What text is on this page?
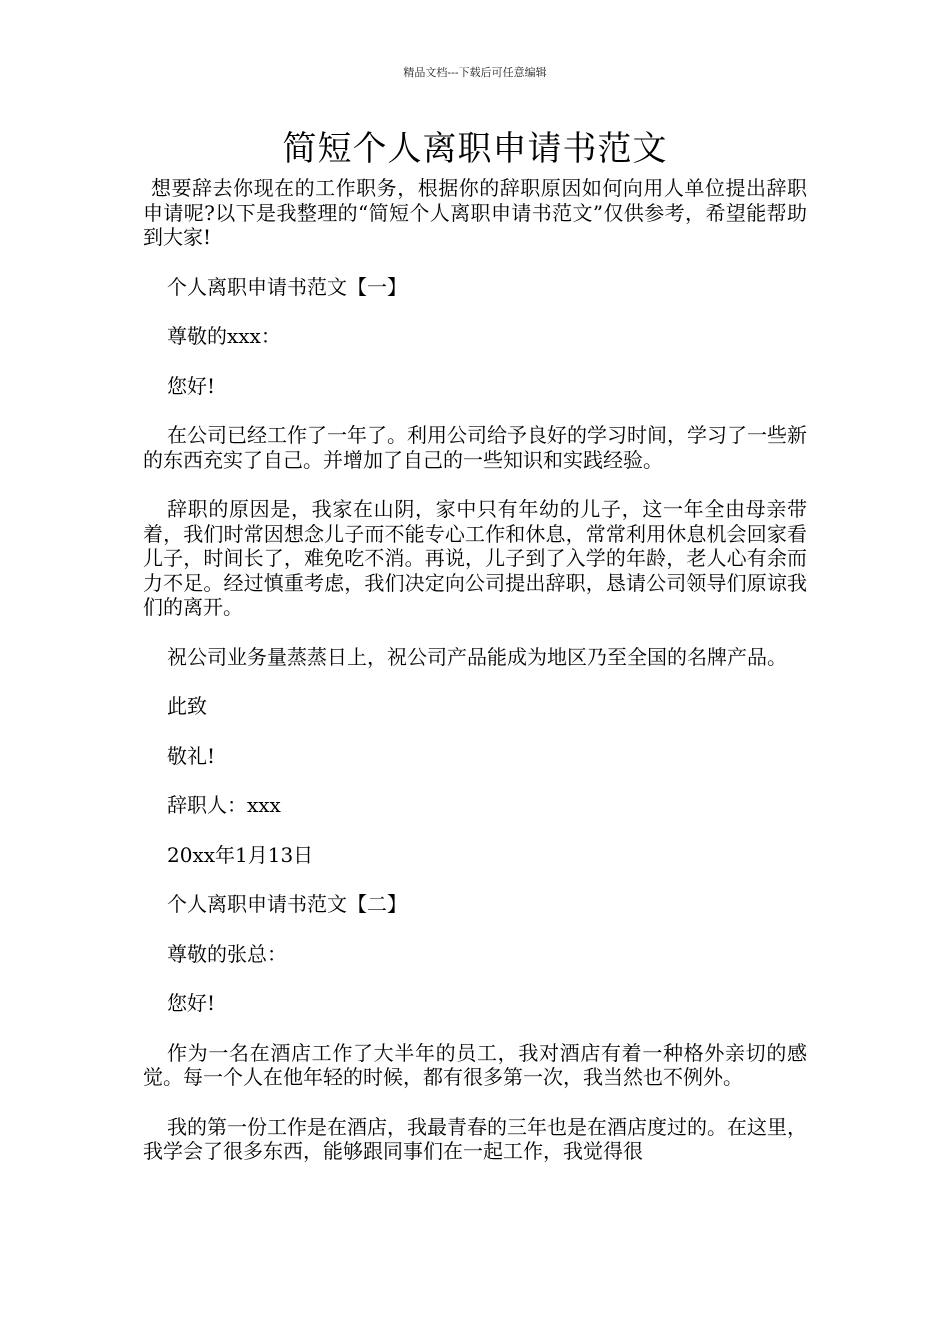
精品文档---下载后可任意编辑
简短个人离职申请书范文

想要辞去你现在的工作职务，根据你的辞职原因如何向用人单位提出辞职申请呢?以下是我整理的“简短个人离职申请书范文”仅供参考，希望能帮助到大家!

个人离职申请书范文【一】

尊敬的xxx：

您好!

在公司已经工作了一年了。利用公司给予良好的学习时间，学习了一些新的东西充实了自己。并增加了自己的一些知识和实践经验。

辞职的原因是，我家在山阴，家中只有年幼的儿子，这一年全由母亲带着，我们时常因想念儿子而不能专心工作和休息，常常利用休息机会回家看儿子，时间长了，难免吃不消。再说，儿子到了入学的年龄，老人心有余而力不足。经过慎重考虑，我们决定向公司提出辞职，恳请公司领导们原谅我们的离开。

祝公司业务量蒸蒸日上，祝公司产品能成为地区乃至全国的名牌产品。

此致

敬礼!

辞职人：xxx

20xx年1月13日

个人离职申请书范文【二】

尊敬的张总：

您好!

作为一名在酒店工作了大半年的员工，我对酒店有着一种格外亲切的感觉。每一个人在他年轻的时候，都有很多第一次，我当然也不例外。

我的第一份工作是在酒店，我最青春的三年也是在酒店度过的。在这里，我学会了很多东西，能够跟同事们在一起工作，我觉得很
